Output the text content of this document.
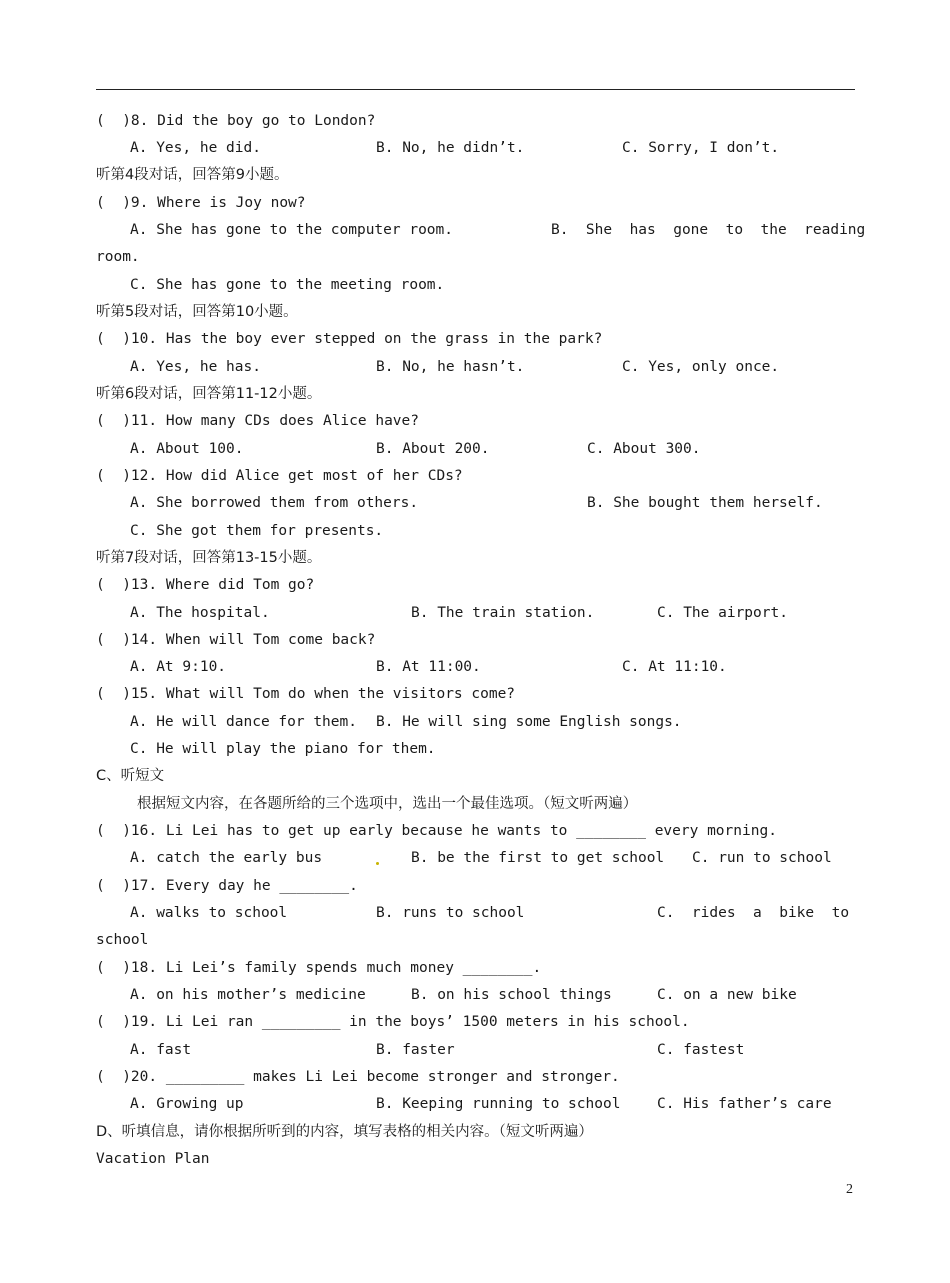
(  )8. Did the boy go to London?
A. Yes, he did.	B. No, he didn’t.	C. Sorry, I don’t.
听第4段对话，回答第9小题。
(  )9. Where is Joy now?
A. She has gone to the computer room.	B.  She  has  gone  to  the  reading
room.
C. She has gone to the meeting room.
听第5段对话，回答第10小题。
(  )10. Has the boy ever stepped on the grass in the park?
A. Yes, he has.	B. No, he hasn’t.	C. Yes, only once.
听第6段对话，回答第11-12小题。
(  )11. How many CDs does Alice have?
A. About 100.	B. About 200.	C. About 300.
(  )12. How did Alice get most of her CDs?
A. She borrowed them from others.	B. She bought them herself.
C. She got them for presents.
听第7段对话，回答第13-15小题。
(  )13. Where did Tom go?
A. The hospital.	B. The train station.	C. The airport.
(  )14. When will Tom come back?
A. At 9:10.	B. At 11:00.	C. At 11:10.
(  )15. What will Tom do when the visitors come?
A. He will dance for them. B. He will sing some English songs.
C. He will play the piano for them.
C、听短文
根据短文内容，在各题所给的三个选项中，选出一个最佳选项。（短文听两遍）
(  )16. Li Lei has to get up early because he wants to ________ every morning.
A. catch the early bus	B. be the first to get school C. run to school
(  )17. Every day he ________.
A. walks to school	B. runs to school	C.  rides  a  bike  to
school
(  )18. Li Lei’s family spends much money ________.
A. on his mother’s medicine	B. on his school things	C. on a new bike
(  )19. Li Lei ran _________ in the boys’ 1500 meters in his school.
A. fast	B. faster	C. fastest
(  )20. _________ makes Li Lei become stronger and stronger.
A. Growing up	B. Keeping running to school	C. His father’s care
D、听填信息，请你根据所听到的内容，填写表格的相关内容。（短文听两遍）
Vacation Plan
2
